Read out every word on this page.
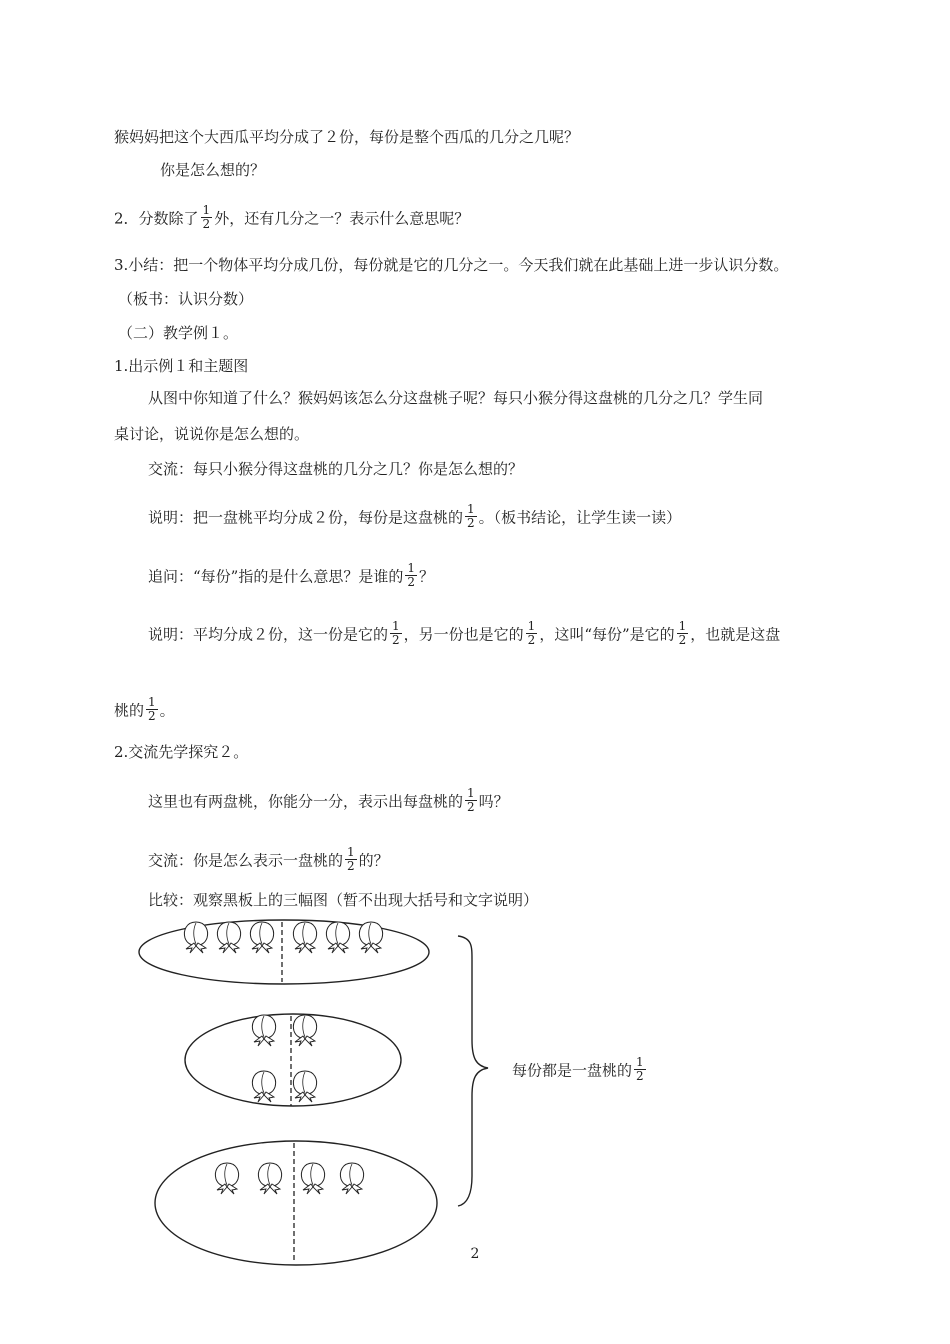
猴妈妈把这个大西瓜平均分成了２份，每份是整个西瓜的几分之几呢？
你是怎么想的？
2．分数除了 $\frac{1}{2}$ 外，还有几分之一？表示什么意思呢？
3.小结：把一个物体平均分成几份，每份就是它的几分之一。今天我们就在此基础上进一步认识分数。
（板书：认识分数）
（二）教学例１。
1.出示例１和主题图
从图中你知道了什么？猴妈妈该怎么分这盘桃子呢？每只小猴分得这盘桃的几分之几？学生同
桌讨论，说说你是怎么想的。
交流：每只小猴分得这盘桃的几分之几？你是怎么想的？
说明：把一盘桃平均分成２份，每份是这盘桃的 $\frac{1}{2}$ 。（板书结论，让学生读一读）
追问：“每份”指的是什么意思？是谁的 $\frac{1}{2}$ ？
说明：平均分成２份，这一份是它的 $\frac{1}{2}$ ，另一份也是它的 $\frac{1}{2}$ ，这叫“每份”是它的 $\frac{1}{2}$ ，也就是这盘
桃的 $\frac{1}{2}$ 。
2.交流先学探究２。
这里也有两盘桃，你能分一分，表示出每盘桃的 $\frac{1}{2}$ 吗？
交流：你是怎么表示一盘桃的 $\frac{1}{2}$ 的？
比较：观察黑板上的三幅图（暂不出现大括号和文字说明）
每份都是一盘桃的 $\frac{1}{2}$
2
